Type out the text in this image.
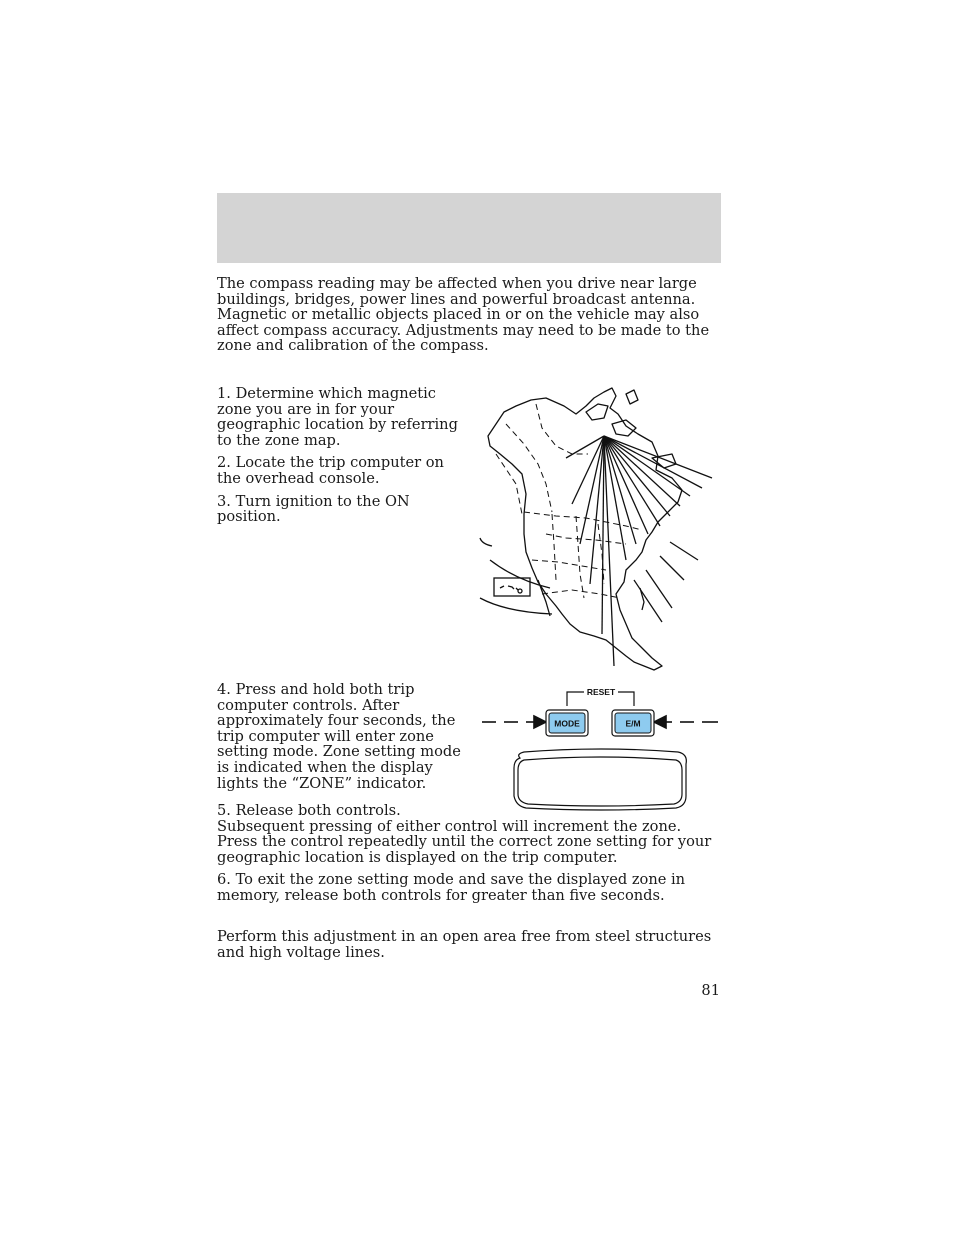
The compass reading may be affected when you drive near large buildings, bridges, power lines and powerful broadcast antenna. Magnetic or metallic objects placed in or on the vehicle may also affect compass accuracy. Adjustments may need to be made to the zone and calibration of the compass.

1. Determine which magnetic zone you are in for your geographic location by referring to the zone map.

2. Locate the trip computer on the overhead console.

3. Turn ignition to the ON position.

4. Press and hold both trip computer controls. After approximately four seconds, the trip computer will enter zone setting mode. Zone setting mode is indicated when the display lights the “ZONE” indicator.

RESET
MODE	E/M

5. Release both controls.

Subsequent pressing of either control will increment the zone. Press the control repeatedly until the correct zone setting for your geographic location is displayed on the trip computer.

6. To exit the zone setting mode and save the displayed zone in memory, release both controls for greater than five seconds.

Perform this adjustment in an open area free from steel structures and high voltage lines.

81
